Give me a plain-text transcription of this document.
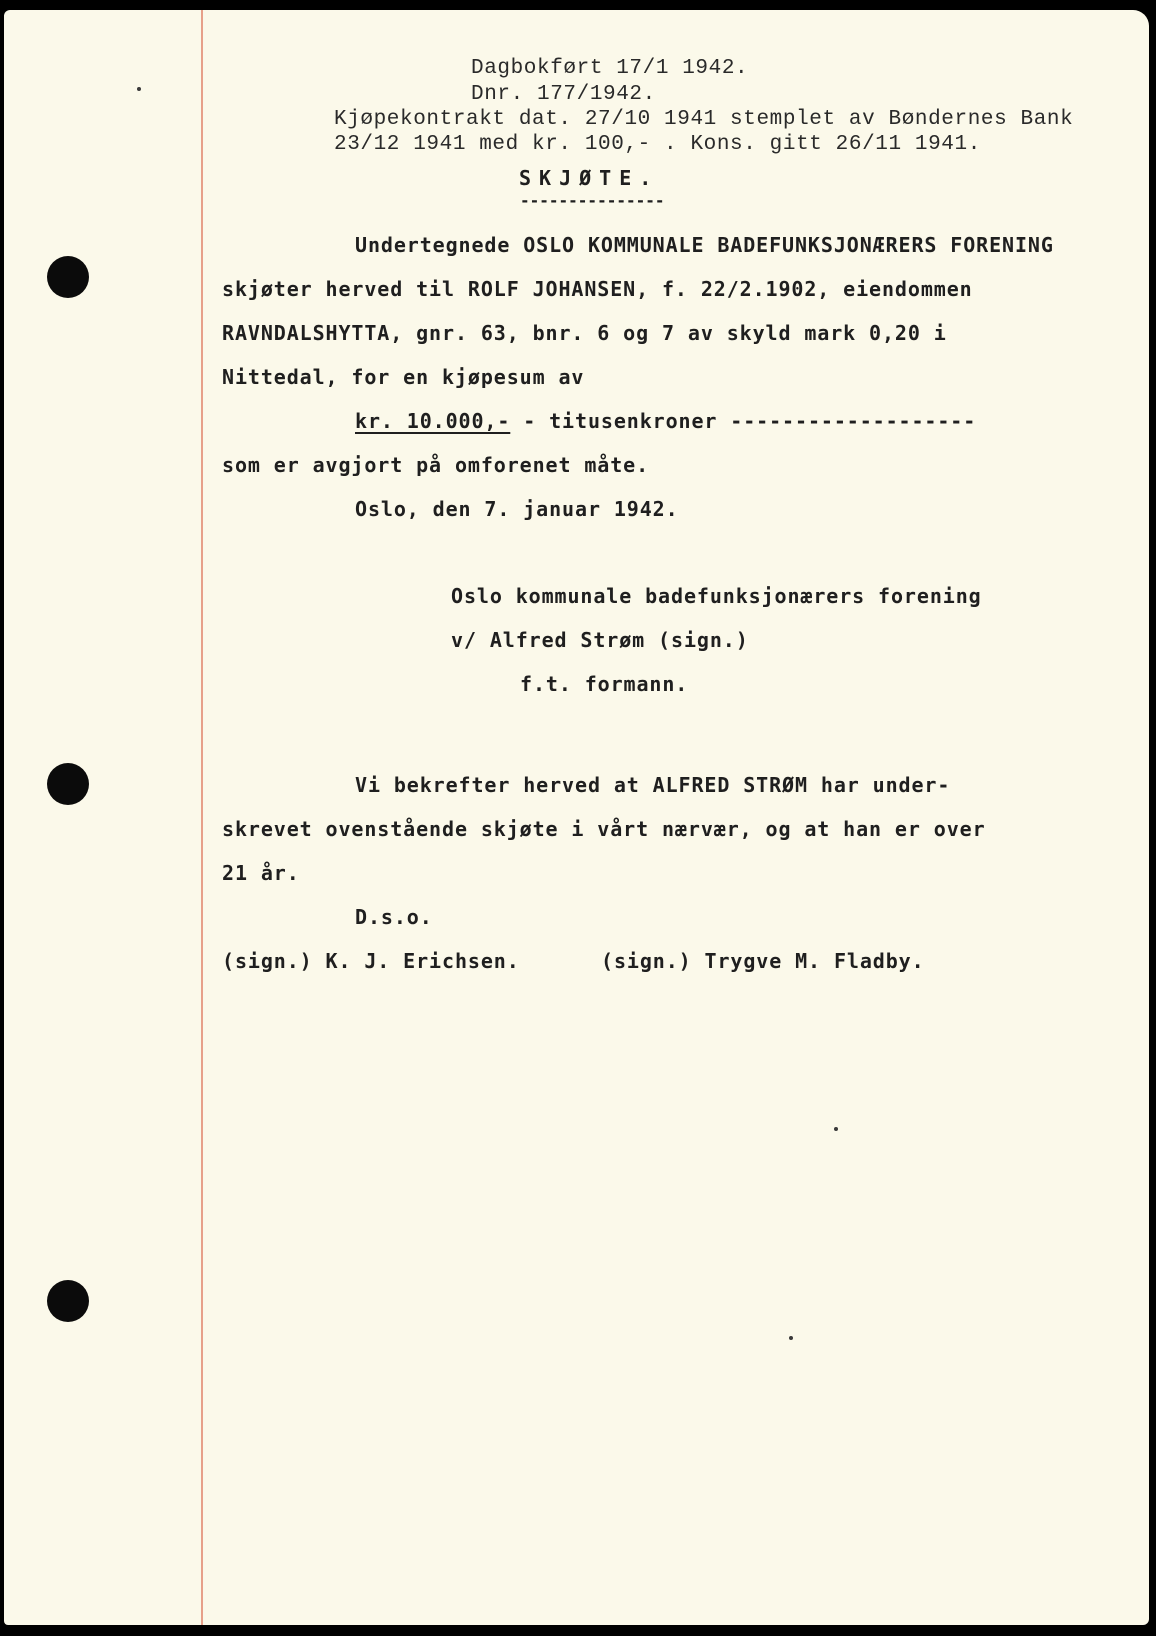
Dagbokført 17/1 1942.
Dnr. 177/1942.
Kjøpekontrakt dat. 27/10 1941 stemplet av Bøndernes Bank
23/12 1941 med kr. 100,- . Kons. gitt 26/11 1941.
SKJØTE.
---------------
Undertegnede OSLO KOMMUNALE BADEFUNKSJONÆRERS FORENING
skjøter herved til ROLF JOHANSEN, f. 22/2.1902, eiendommen
RAVNDALSHYTTA, gnr. 63, bnr. 6 og 7 av skyld mark 0,20 i
Nittedal, for en kjøpesum av
kr. 10.000,- - titusenkroner -------------------
som er avgjort på omforenet måte.
Oslo, den 7. januar 1942.
Oslo kommunale badefunksjonærers forening
v/ Alfred Strøm (sign.)
f.t. formann.
Vi bekrefter herved at ALFRED STRØM har under-
skrevet ovenstående skjøte i vårt nærvær, og at han er over
21 år.
D.s.o.
(sign.) K. J. Erichsen.	(sign.) Trygve M. Fladby.
